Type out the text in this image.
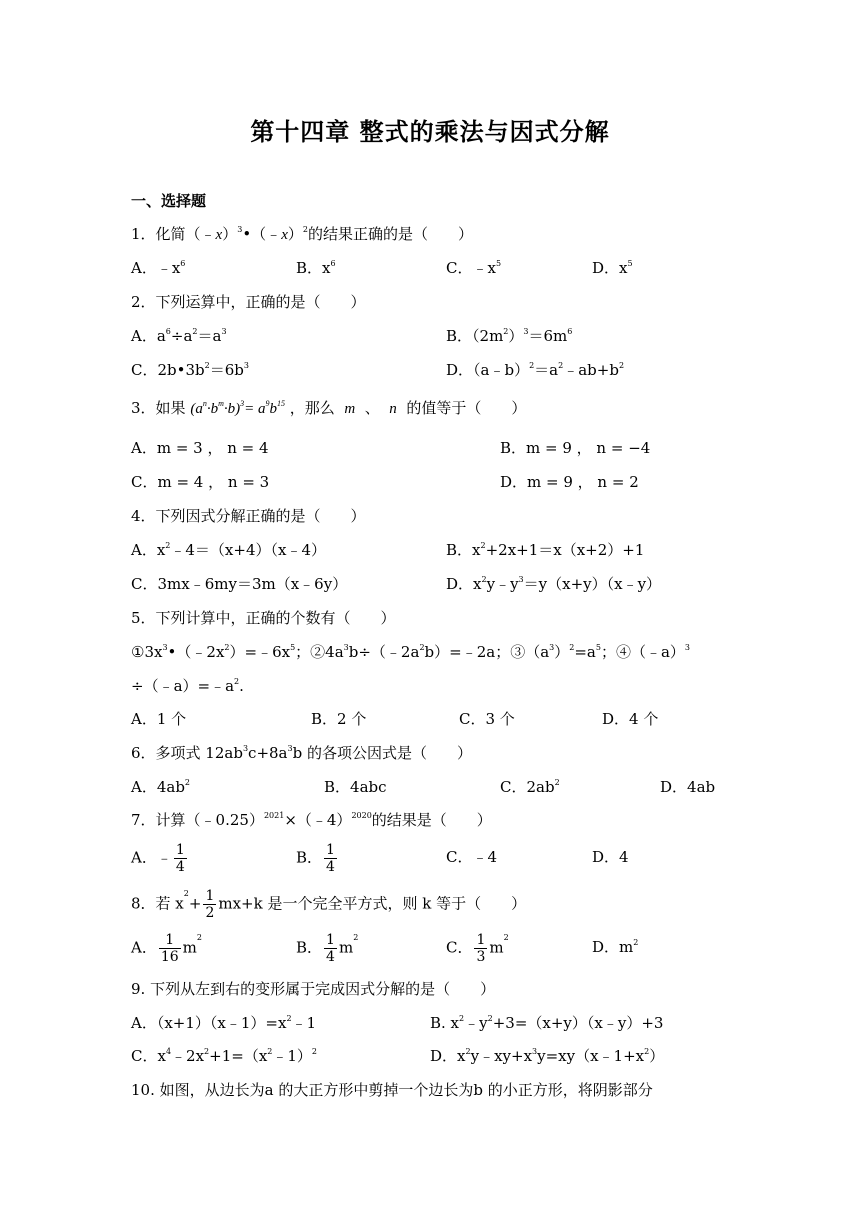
第十四章 整式的乘法与因式分解
一、选择题
1．化简（﹣x）$^3$•（﹣x）$^2$的结果正确的是（　　）
A．$﹣x^6$	B．$x^6$	C．$﹣x^5$	D．$x^5$
2．下列运算中，正确的是（　　）
A．$a^6\div a^2=a^3$	B．$(2m^2)^3=6m^6$
C．$2b•3b^2=6b^3$	D．$(a﹣b)^2=a^2﹣ab+b^2$
3．如果 $(a^n\cdot b^m\cdot b)^3= a^9b^{15}$ ，那么 m 、 n 的值等于（　　）
A．m = 3 ， n = 4	B．m = 9 ， n = −4
C．m = 4 ， n = 3	D．m = 9 ， n = 2
4．下列因式分解正确的是（　　）
A．$x^2﹣4=(x+4)(x﹣4)$	B．$x^2+2x+1=x(x+2)+1$
C．3mx﹣6my＝3m（x﹣6y）	D．$x^2y﹣y^3=y(x+y)(x﹣y)$
5．下列计算中，正确的个数有（　　）
$①3x^3•(﹣2x^2)=﹣6x^5$；$②4a^3b\div(﹣2a^2b)=﹣2a$；$③(a^3)^2=a^5$；④（﹣a）$^3$
$\div(﹣a)=﹣a^2$.
A．1 个	B．2 个	C．3 个	D．4 个
6．多项式 $12ab^3c+8a^3b$ 的各项公因式是（　　）
A．$4ab^2$	B．4abc	C．$2ab^2$	D．4ab
7．计算（﹣0.25）$^{2021}$×（﹣4）$^{2020}$的结果是（　　）
A．﹣ $\frac{1}{4}$	B． $\frac{1}{4}$	C．﹣4	D．4
8．若 $x^2+ \frac{1}{2} mx+k$ 是一个完全平方式，则 k 等于（　　）
A． $\frac{1}{16} m^2$
B． $\frac{1}{4} m^2$
C． $\frac{1}{3} m^2$
D．$m^2$
9. 下列从左到右的变形属于完成因式分解的是（　　）
A．$(x+1)(x﹣1)=x^2﹣1$	B. $x^2﹣y^2+3=(x+y)(x﹣y)+3$
C．$x^4﹣2x^2+1=(x^2﹣1)^2$	D．$x^2y﹣xy+x^3y=xy(x﹣1+x^2)$
10. 如图，从边长为a 的大正方形中剪掉一个边长为b 的小正方形，将阴影部分
